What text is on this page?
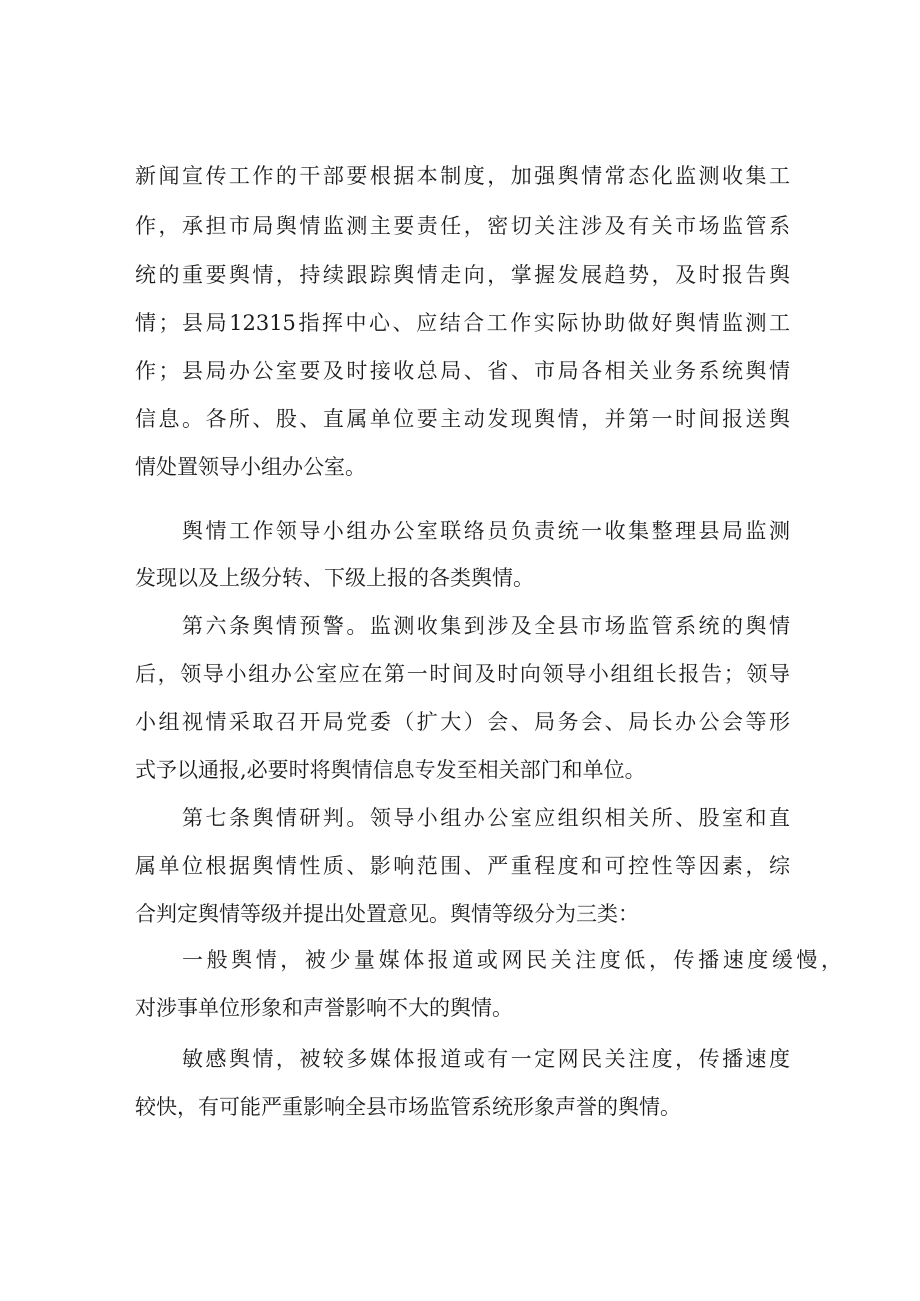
新闻宣传工作的干部要根据本制度，加强舆情常态化监测收集工
作，承担市局舆情监测主要责任，密切关注涉及有关市场监管系
统的重要舆情，持续跟踪舆情走向，掌握发展趋势，及时报告舆
情；县局12315指挥中心、应结合工作实际协助做好舆情监测工
作；县局办公室要及时接收总局、省、市局各相关业务系统舆情
信息。各所、股、直属单位要主动发现舆情，并第一时间报送舆
情处置领导小组办公室。
舆情工作领导小组办公室联络员负责统一收集整理县局监测
发现以及上级分转、下级上报的各类舆情。
第六条舆情预警。监测收集到涉及全县市场监管系统的舆情
后，领导小组办公室应在第一时间及时向领导小组组长报告；领导
小组视情采取召开局党委（扩大）会、局务会、局长办公会等形
式予以通报,必要时将舆情信息专发至相关部门和单位。
第七条舆情研判。领导小组办公室应组织相关所、股室和直
属单位根据舆情性质、影响范围、严重程度和可控性等因素，综
合判定舆情等级并提出处置意见。舆情等级分为三类：
一般舆情，被少量媒体报道或网民关注度低，传播速度缓慢，
对涉事单位形象和声誉影响不大的舆情。
敏感舆情，被较多媒体报道或有一定网民关注度，传播速度
较快，有可能严重影响全县市场监管系统形象声誉的舆情。
